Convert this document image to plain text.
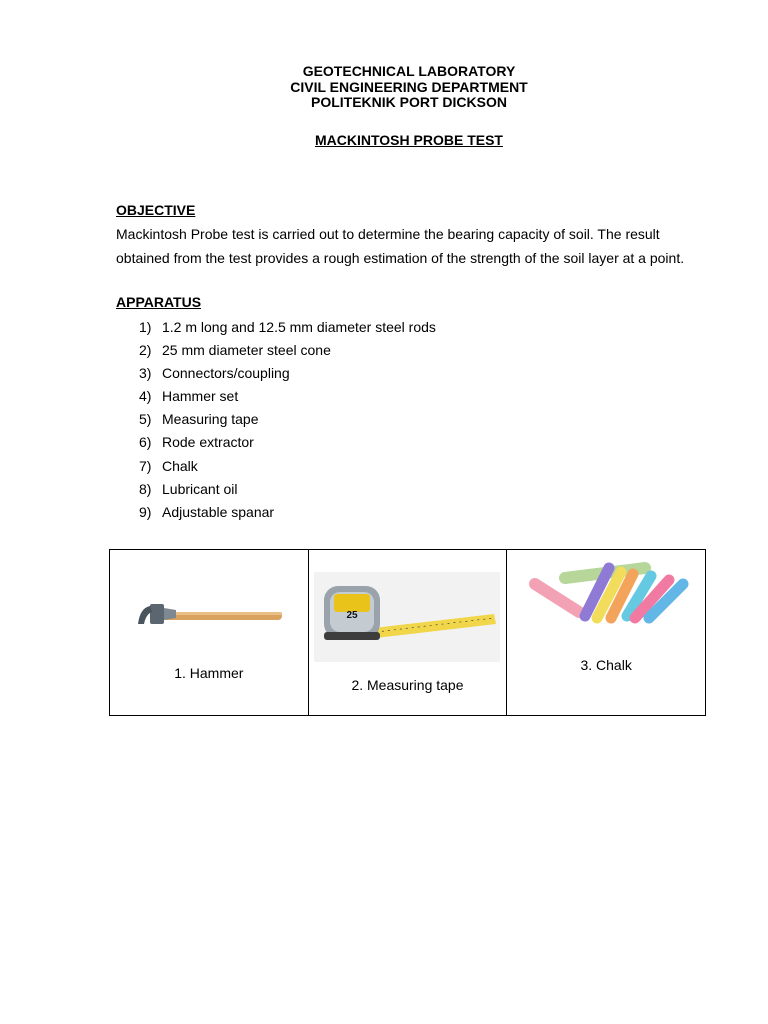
GEOTECHNICAL LABORATORY
CIVIL ENGINEERING DEPARTMENT
POLITEKNIK PORT DICKSON
MACKINTOSH PROBE TEST
OBJECTIVE
Mackintosh Probe test is carried out to determine the bearing capacity of soil. The result obtained from the test provides a rough estimation of the strength of the soil layer at a point.
APPARATUS
1) 1.2 m long and 12.5 mm diameter steel rods
2) 25 mm diameter steel cone
3) Connectors/coupling
4) Hammer set
5) Measuring tape
6) Rode extractor
7) Chalk
8) Lubricant oil
9) Adjustable spanar
1. Hammer

25
2. Measuring tape

3. Chalk
